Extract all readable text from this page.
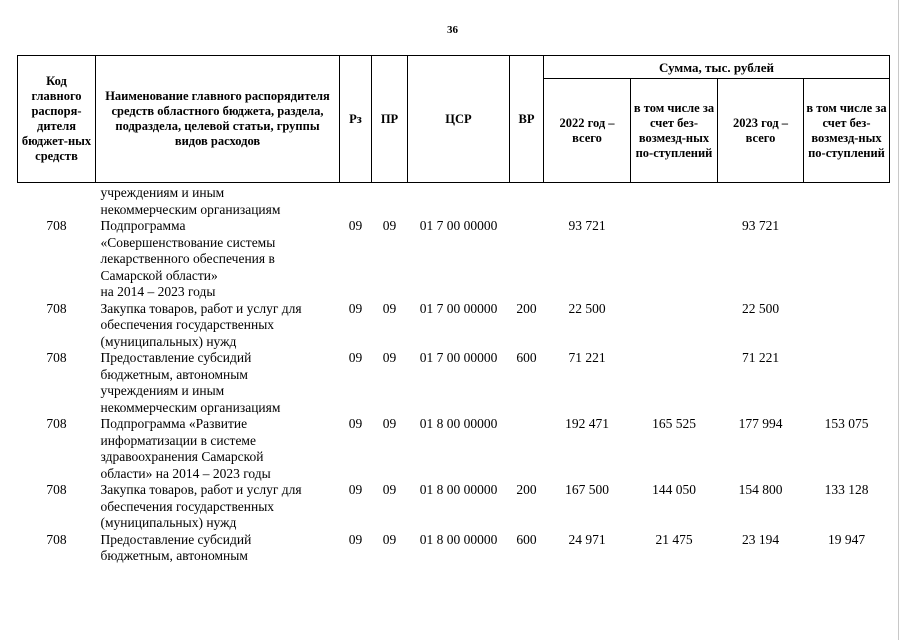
36
Код главного распоря-дителя бюджет-ных средств	Наименование главного распорядителя средств областного бюджета, раздела, подраздела, целевой статьи, группы видов расходов	Рз	ПР	ЦСР	ВР	Сумма, тыс. рублей			
						2022 год – всего	в том числе за счет без-возмезд-ных по-ступлений	2023 год – всего	в том числе за счет без-возмезд-ных по-ступлений

	учреждениям и иным
некоммерческим организациям								

708	Подпрограмма
«Совершенствование системы
лекарственного обеспечения в
Самарской области»
на 2014 – 2023 годы	09	09	01 7 00 00000		93 721		93 721	
708	Закупка товаров, работ и услуг для
обеспечения государственных
(муниципальных) нужд	09	09	01 7 00 00000	200	22 500		22 500	
708	Предоставление субсидий
бюджетным, автономным
учреждениям и иным
некоммерческим организациям	09	09	01 7 00 00000	600	71 221		71 221	
708	Подпрограмма «Развитие
информатизации в системе
здравоохранения Самарской
области» на 2014 – 2023 годы	09	09	01 8 00 00000		192 471	165 525	177 994	153 075
708	Закупка товаров, работ и услуг для
обеспечения государственных
(муниципальных) нужд	09	09	01 8 00 00000	200	167 500	144 050	154 800	133 128
708	Предоставление субсидий
бюджетным, автономным	09	09	01 8 00 00000	600	24 971	21 475	23 194	19 947
